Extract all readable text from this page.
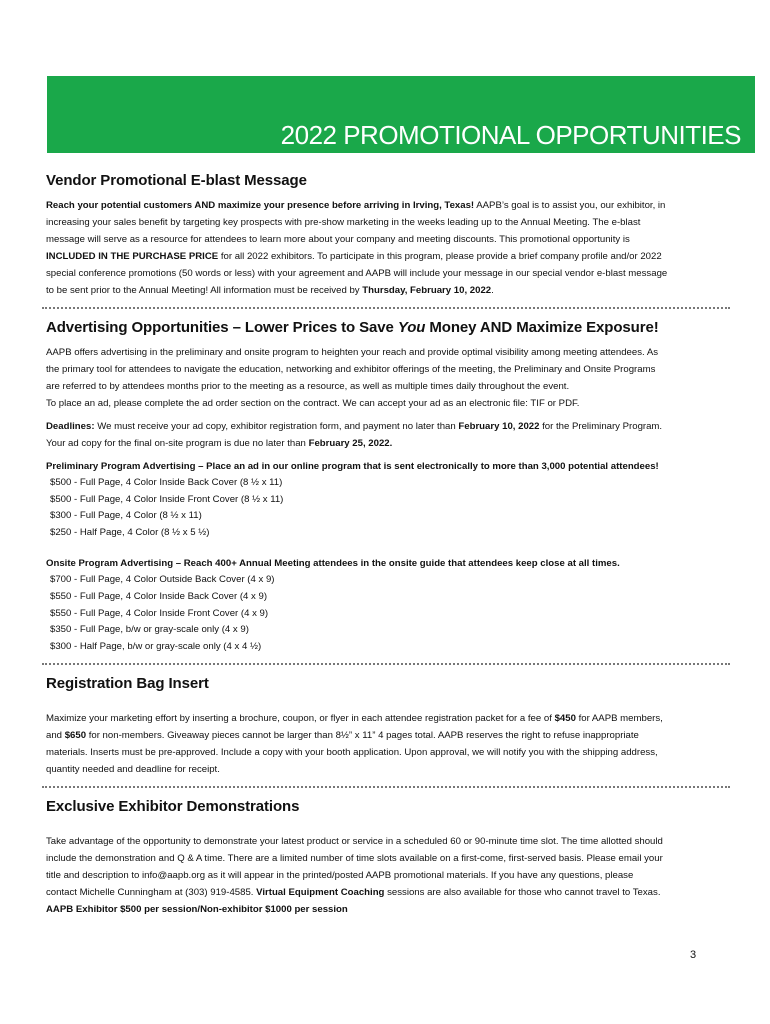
2022 PROMOTIONAL OPPORTUNITIES
Vendor Promotional E-blast Message

Reach your potential customers AND maximize your presence before arriving in Irving, Texas! AAPB’s goal is to assist you, our exhibitor, in
increasing your sales benefit by targeting key prospects with pre-show marketing in the weeks leading up to the Annual Meeting. The e-blast
message will serve as a resource for attendees to learn more about your company and meeting discounts. This promotional opportunity is
INCLUDED IN THE PURCHASE PRICE for all 2022 exhibitors. To participate in this program, please provide a brief company profile and/or 2022
special conference promotions (50 words or less) with your agreement and AAPB will include your message in our special vendor e-blast message
to be sent prior to the Annual Meeting! All information must be received by Thursday, February 10, 2022.

Advertising Opportunities – Lower Prices to Save You Money AND Maximize Exposure!

AAPB offers advertising in the preliminary and onsite program to heighten your reach and provide optimal visibility among meeting attendees. As
the primary tool for attendees to navigate the education, networking and exhibitor offerings of the meeting, the Preliminary and Onsite Programs
are referred to by attendees months prior to the meeting as a resource, as well as multiple times daily throughout the event.
To place an ad, please complete the ad order section on the contract. We can accept your ad as an electronic file: TIF or PDF.

Deadlines: We must receive your ad copy, exhibitor registration form, and payment no later than February 10, 2022 for the Preliminary Program.
Your ad copy for the final on-site program is due no later than February 25, 2022.

Preliminary Program Advertising – Place an ad in our online program that is sent electronically to more than 3,000 potential attendees!

$500 - Full Page, 4 Color Inside Back Cover (8 ½ x 11)
$500 - Full Page, 4 Color Inside Front Cover (8 ½ x 11)
$300 - Full Page, 4 Color (8 ½ x 11)
$250 - Half Page, 4 Color (8 ½ x 5 ½)

Onsite Program Advertising – Reach 400+ Annual Meeting attendees in the onsite guide that attendees keep close at all times.

$700 - Full Page, 4 Color Outside Back Cover (4 x 9)
$550 - Full Page, 4 Color Inside Back Cover (4 x 9)
$550 - Full Page, 4 Color Inside Front Cover (4 x 9)
$350 - Full Page, b/w or gray-scale only (4 x 9)
$300 - Half Page, b/w or gray-scale only (4 x 4 ½)
Registration Bag Insert

Maximize your marketing effort by inserting a brochure, coupon, or flyer in each attendee registration packet for a fee of $450 for AAPB members,
and $650 for non-members. Giveaway pieces cannot be larger than 8½” x 11” 4 pages total. AAPB reserves the right to refuse inappropriate
materials. Inserts must be pre-approved. Include a copy with your booth application. Upon approval, we will notify you with the shipping address,
quantity needed and deadline for receipt.

Exclusive Exhibitor Demonstrations

Take advantage of the opportunity to demonstrate your latest product or service in a scheduled 60 or 90-minute time slot. The time allotted should
include the demonstration and Q & A time. There are a limited number of time slots available on a first-come, first-served basis. Please email your
title and description to info@aapb.org as it will appear in the printed/posted AAPB promotional materials. If you have any questions, please
contact Michelle Cunningham at (303) 919-4585. Virtual Equipment Coaching sessions are also available for those who cannot travel to Texas.

AAPB Exhibitor $500 per session/Non-exhibitor $1000 per session

3
